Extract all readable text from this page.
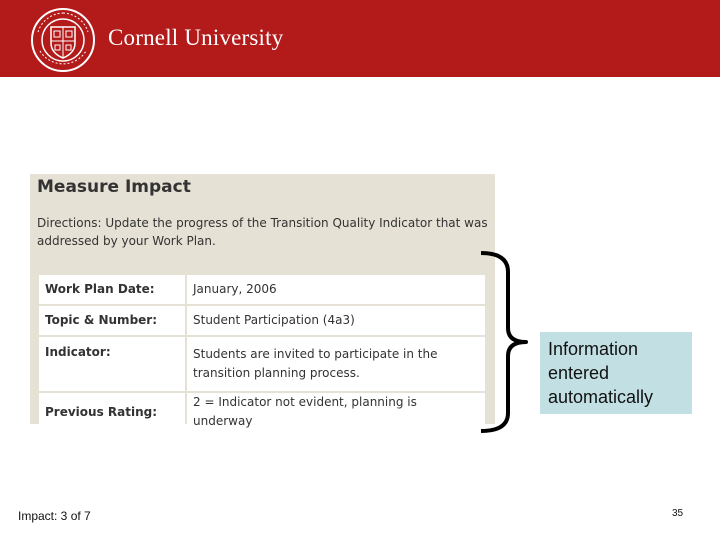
Cornell University
Measure Impact
Directions: Update the progress of the Transition Quality Indicator that was addressed by your Work Plan.
Work Plan Date:	January, 2006
Topic & Number:	Student Participation (4a3)
Indicator:	Students are invited to participate in the transition planning process.
Previous Rating:	2 = Indicator not evident, planning is underway
Information entered automatically
Impact: 3 of 7	35
